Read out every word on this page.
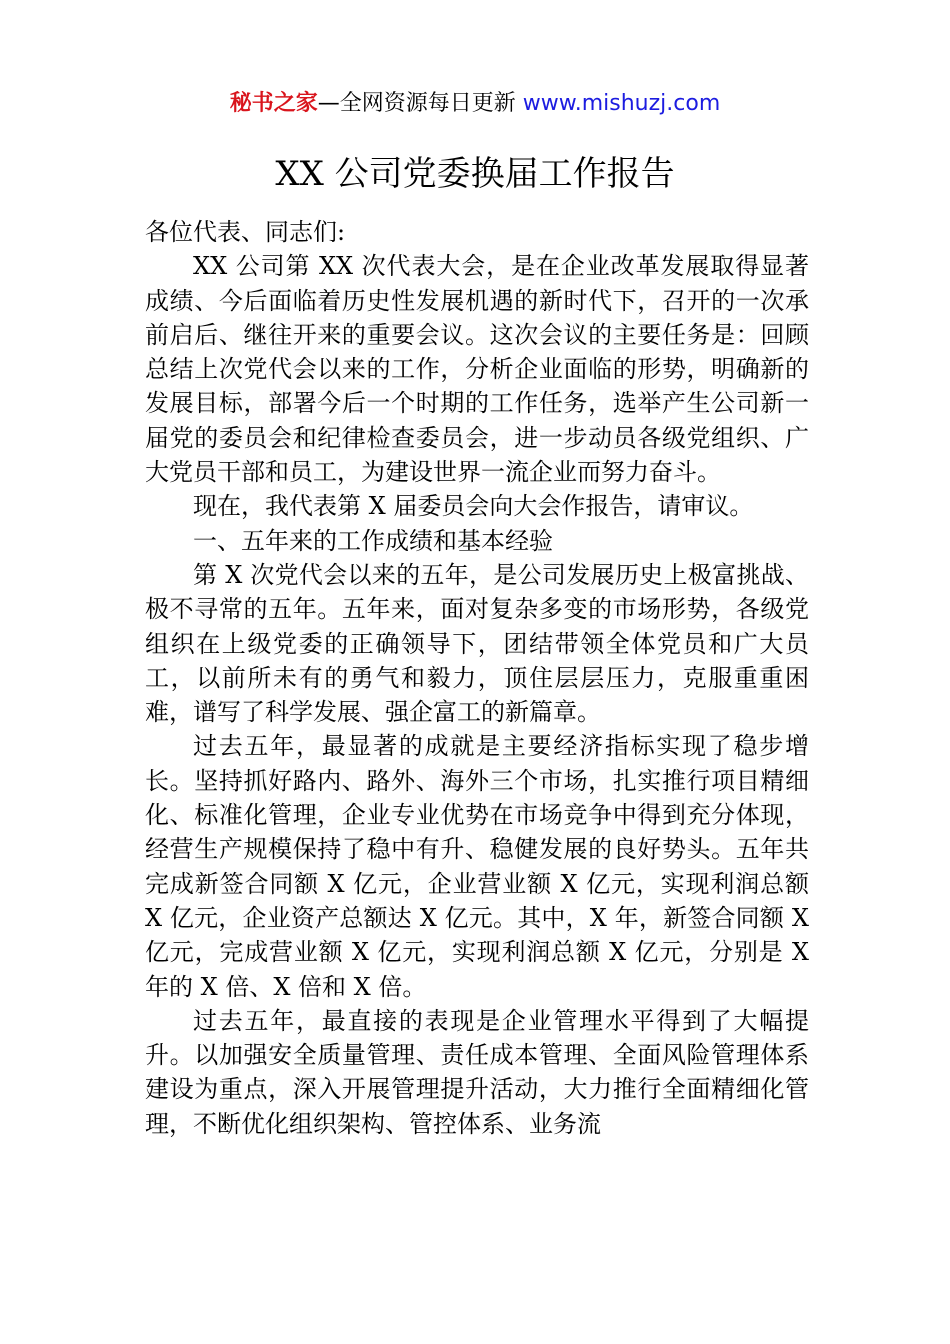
秘书之家—全网资源每日更新 www.mishuzj.com
XX 公司党委换届工作报告

各位代表、同志们:

XX 公司第 XX 次代表大会，是在企业改革发展取得显著成绩、今后面临着历史性发展机遇的新时代下，召开的一次承前启后、继往开来的重要会议。这次会议的主要任务是：回顾总结上次党代会以来的工作，分析企业面临的形势，明确新的发展目标，部署今后一个时期的工作任务，选举产生公司新一届党的委员会和纪律检查委员会，进一步动员各级党组织、广大党员干部和员工，为建设世界一流企业而努力奋斗。

现在，我代表第 X 届委员会向大会作报告，请审议。

一、五年来的工作成绩和基本经验

第 X 次党代会以来的五年，是公司发展历史上极富挑战、极不寻常的五年。五年来，面对复杂多变的市场形势，各级党组织在上级党委的正确领导下，团结带领全体党员和广大员工，以前所未有的勇气和毅力，顶住层层压力，克服重重困难，谱写了科学发展、强企富工的新篇章。

过去五年，最显著的成就是主要经济指标实现了稳步增长。坚持抓好路内、路外、海外三个市场，扎实推行项目精细化、标准化管理，企业专业优势在市场竞争中得到充分体现，经营生产规模保持了稳中有升、稳健发展的良好势头。五年共完成新签合同额 X 亿元，企业营业额 X 亿元，实现利润总额 X 亿元，企业资产总额达 X 亿元。其中，X 年，新签合同额 X 亿元，完成营业额 X 亿元，实现利润总额 X 亿元，分别是 X 年的 X 倍、X 倍和 X 倍。

过去五年，最直接的表现是企业管理水平得到了大幅提升。以加强安全质量管理、责任成本管理、全面风险管理体系建设为重点，深入开展管理提升活动，大力推行全面精细化管理，不断优化组织架构、管控体系、业务流
